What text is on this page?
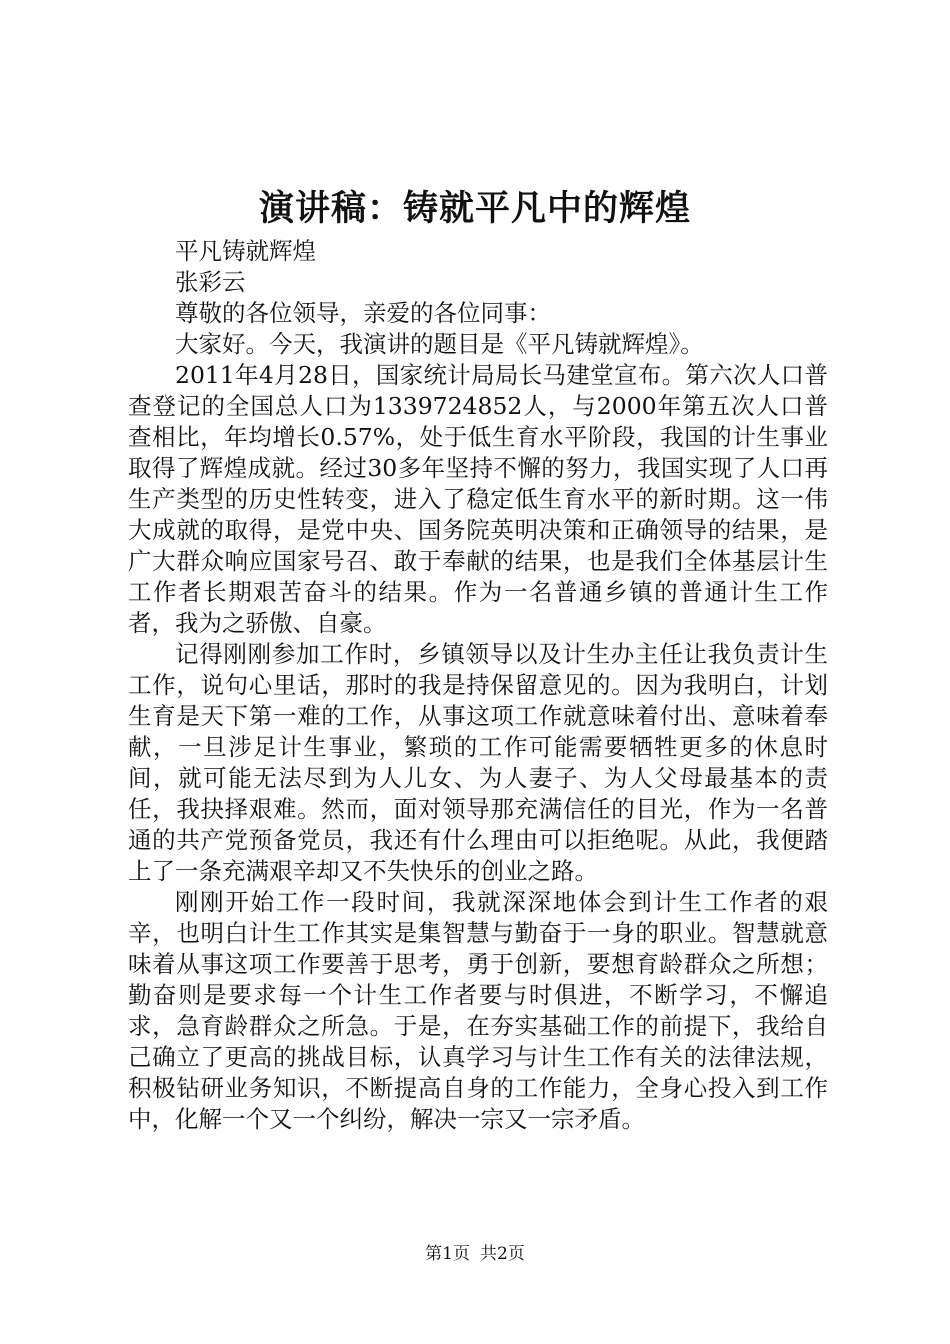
演讲稿：铸就平凡中的辉煌

平凡铸就辉煌

张彩云

尊敬的各位领导，亲爱的各位同事：

大家好。今天，我演讲的题目是《平凡铸就辉煌》。

2011年4月28日，国家统计局局长马建堂宣布。第六次人口普查登记的全国总人口为1339724852人，与2000年第五次人口普查相比，年均增长0.57%，处于低生育水平阶段，我国的计生事业取得了辉煌成就。经过30多年坚持不懈的努力，我国实现了人口再生产类型的历史性转变，进入了稳定低生育水平的新时期。这一伟大成就的取得，是党中央、国务院英明决策和正确领导的结果，是广大群众响应国家号召、敢于奉献的结果，也是我们全体基层计生工作者长期艰苦奋斗的结果。作为一名普通乡镇的普通计生工作者，我为之骄傲、自豪。

记得刚刚参加工作时，乡镇领导以及计生办主任让我负责计生工作，说句心里话，那时的我是持保留意见的。因为我明白，计划生育是天下第一难的工作，从事这项工作就意味着付出、意味着奉献，一旦涉足计生事业，繁琐的工作可能需要牺牲更多的休息时间，就可能无法尽到为人儿女、为人妻子、为人父母最基本的责任，我抉择艰难。然而，面对领导那充满信任的目光，作为一名普通的共产党预备党员，我还有什么理由可以拒绝呢。从此，我便踏上了一条充满艰辛却又不失快乐的创业之路。

刚刚开始工作一段时间，我就深深地体会到计生工作者的艰辛，也明白计生工作其实是集智慧与勤奋于一身的职业。智慧就意味着从事这项工作要善于思考，勇于创新，要想育龄群众之所想；勤奋则是要求每一个计生工作者要与时俱进，不断学习，不懈追求，急育龄群众之所急。于是，在夯实基础工作的前提下，我给自己确立了更高的挑战目标，认真学习与计生工作有关的法律法规，积极钻研业务知识，不断提高自身的工作能力，全身心投入到工作中，化解一个又一个纠纷，解决一宗又一宗矛盾。

第1页 共2页
